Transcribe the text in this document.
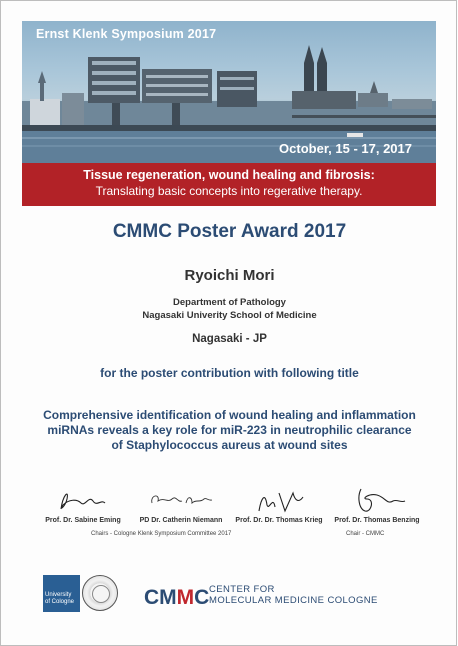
Ernst Klenk Symposium 2017
October, 15 - 17, 2017
Tissue regeneration, wound healing and fibrosis:
Translating basic concepts into regerative therapy.
CMMC Poster Award 2017
Ryoichi Mori
Department of Pathology
Nagasaki Univerity School of Medicine
Nagasaki - JP
for the poster contribution with following title
Comprehensive identification of wound healing and inflammation
miRNAs reveals a key role for miR-223 in neutrophilic clearance
of Staphylococcus aureus at wound sites
Prof. Dr. Sabine Eming	PD Dr. Catherin Niemann	Prof. Dr. Dr. Thomas Krieg	Prof. Dr. Thomas Benzing
Chairs - Cologne Klenk Symposium Committee 2017	Chair - CMMC
University
of Cologne	CMMC CENTER FOR
MOLECULAR MEDICINE COLOGNE
